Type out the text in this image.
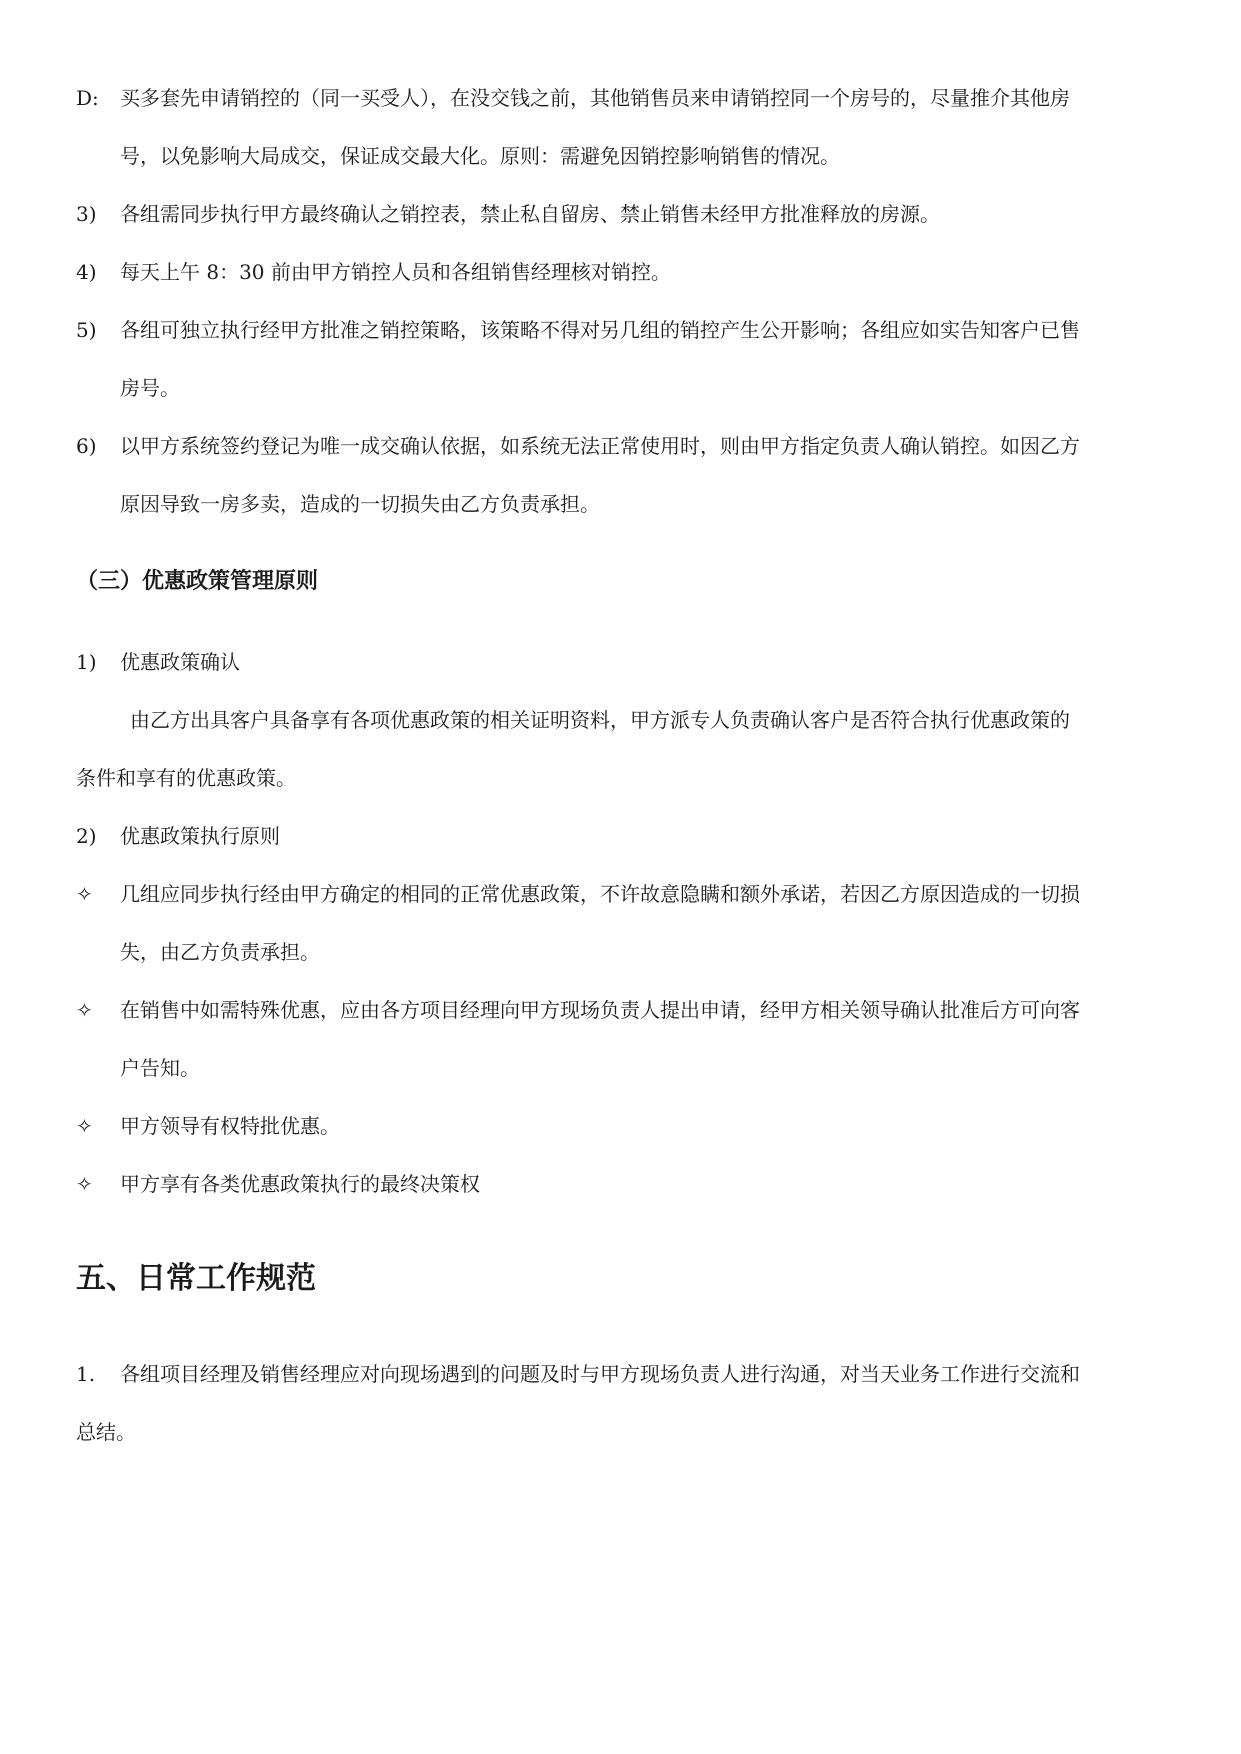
D: 买多套先申请销控的（同一买受人），在没交钱之前，其他销售员来申请销控同一个房号的，尽量推介其他房
号，以免影响大局成交，保证成交最大化。原则：需避免因销控影响销售的情况。
3) 各组需同步执行甲方最终确认之销控表，禁止私自留房、禁止销售未经甲方批准释放的房源。
4) 每天上午 8：30 前由甲方销控人员和各组销售经理核对销控。
5) 各组可独立执行经甲方批准之销控策略，该策略不得对另几组的销控产生公开影响；各组应如实告知客户已售
房号。
6) 以甲方系统签约登记为唯一成交确认依据，如系统无法正常使用时，则由甲方指定负责人确认销控。如因乙方
原因导致一房多卖，造成的一切损失由乙方负责承担。
（三）优惠政策管理原则
1) 优惠政策确认
由乙方出具客户具备享有各项优惠政策的相关证明资料，甲方派专人负责确认客户是否符合执行优惠政策的
条件和享有的优惠政策。
2) 优惠政策执行原则
✧ 几组应同步执行经由甲方确定的相同的正常优惠政策，不许故意隐瞒和额外承诺，若因乙方原因造成的一切损
失，由乙方负责承担。
✧ 在销售中如需特殊优惠，应由各方项目经理向甲方现场负责人提出申请，经甲方相关领导确认批准后方可向客
户告知。
✧ 甲方领导有权特批优惠。
✧ 甲方享有各类优惠政策执行的最终决策权
五、日常工作规范
1. 各组项目经理及销售经理应对向现场遇到的问题及时与甲方现场负责人进行沟通，对当天业务工作进行交流和
总结。
